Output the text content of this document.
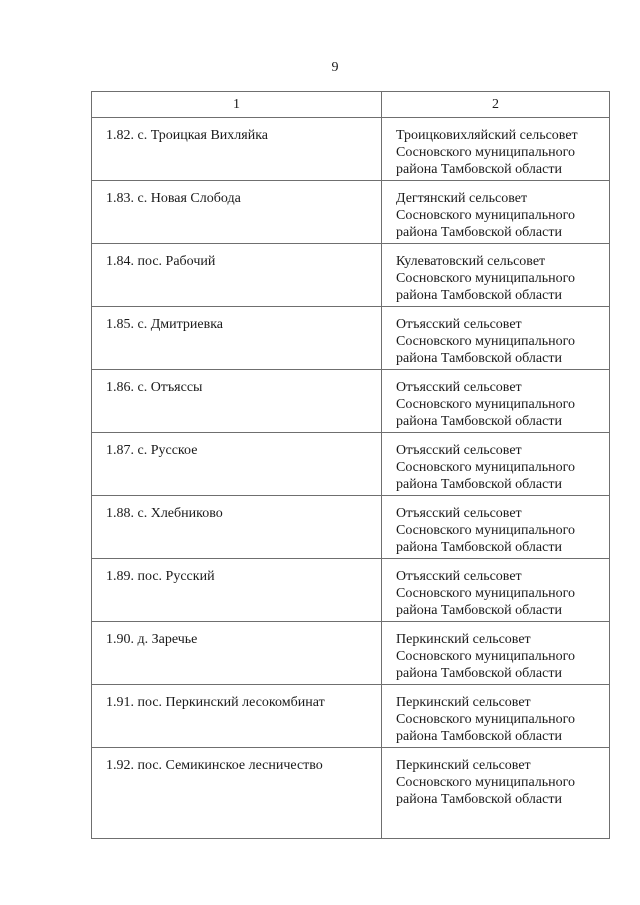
9
1	2
1.82. с. Троицкая Вихляйка	Троицковихляйский сельсовет
Сосновского муниципального
района Тамбовской области

1.83. с. Новая Слобода	Дегтянский сельсовет
Сосновского муниципального
района Тамбовской области

1.84. пос. Рабочий	Кулеватовский сельсовет
Сосновского муниципального
района Тамбовской области

1.85. с. Дмитриевка	Отъясский сельсовет
Сосновского муниципального
района Тамбовской области

1.86. с. Отъяссы	Отъясский сельсовет
Сосновского муниципального
района Тамбовской области

1.87. с. Русское	Отъясский сельсовет
Сосновского муниципального
района Тамбовской области

1.88. с. Хлебниково	Отъясский сельсовет
Сосновского муниципального
района Тамбовской области

1.89. пос. Русский	Отъясский сельсовет
Сосновского муниципального
района Тамбовской области

1.90. д. Заречье	Перкинский сельсовет
Сосновского муниципального
района Тамбовской области

1.91. пос. Перкинский лесокомбинат	Перкинский сельсовет
Сосновского муниципального
района Тамбовской области

1.92. пос. Семикинское лесничество	Перкинский сельсовет
Сосновского муниципального
района Тамбовской области
